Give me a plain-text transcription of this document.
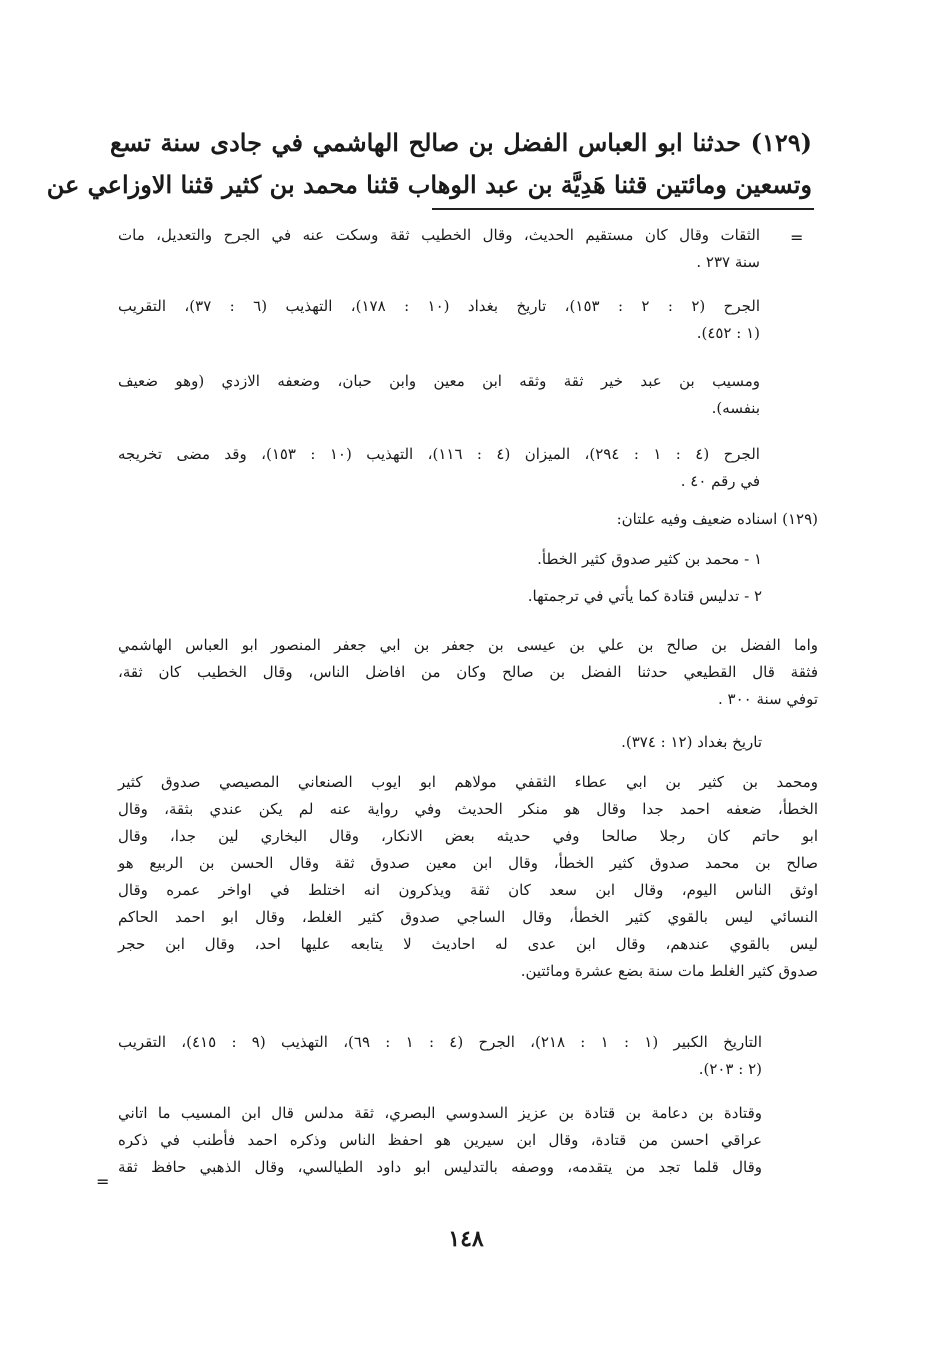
(١٢٩) حدثنا ابو العباس الفضل بن صالح الهاشمي في جادى سنة تسع
وتسعين ومائتين قثنا هَدِيَّة بن عبد الوهاب قثنا محمد بن كثير قثنا الاوزاعي عن

=

الثقات وقال كان مستقيم الحديث، وقال الخطيب ثقة وسكت عنه في الجرح والتعديل، مات
سنة ٢٣٧ .

الجرح (٢ : ٢ : ١٥٣)، تاريخ بغداد (١٠ : ١٧٨)، التهذيب (٦ : ٣٧)، التقريب
(١ : ٤٥٢).

ومسيب بن عبد خير ثقة وثقه ابن معين وابن حبان، وضعفه الازدي (وهو ضعيف
بنفسه).

الجرح (٤ : ١ : ٢٩٤)، الميزان (٤ : ١١٦)، التهذيب (١٠ : ١٥٣)، وقد مضى تخريجه
في رقم ٤٠ .

(١٢٩) اسناده ضعيف وفيه علتان:

١ - محمد بن كثير صدوق كثير الخطأ.
٢ - تدليس قتادة كما يأتي في ترجمتها.

واما الفضل بن صالح بن علي بن عيسى بن جعفر بن ابي جعفر المنصور ابو العباس الهاشمي
فثقة قال القطيعي حدثنا الفضل بن صالح وكان من افاضل الناس، وقال الخطيب كان ثقة،
توفي سنة ٣٠٠ .

تاريخ بغداد (١٢ : ٣٧٤).

ومحمد بن كثير بن ابي عطاء الثقفي مولاهم ابو ايوب الصنعاني المصيصي صدوق كثير
الخطأ، ضعفه احمد جدا وقال هو منكر الحديث وفي رواية عنه لم يكن عندي بثقة، وقال
ابو حاتم كان رجلا صالحا وفي حديثه بعض الانكار، وقال البخاري لين جدا، وقال
صالح بن محمد صدوق كثير الخطأ، وقال ابن معين صدوق ثقة وقال الحسن بن الربيع هو
اوثق الناس اليوم، وقال ابن سعد كان ثقة ويذكرون انه اختلط في اواخر عمره وقال
النسائي ليس بالقوي كثير الخطأ، وقال الساجي صدوق كثير الغلط، وقال ابو احمد الحاكم
ليس بالقوي عندهم، وقال ابن عدى له احاديث لا يتابعه عليها احد، وقال ابن حجر
صدوق كثير الغلط مات سنة بضع عشرة ومائتين.

التاريخ الكبير (١ : ١ : ٢١٨)، الجرح (٤ : ١ : ٦٩)، التهذيب (٩ : ٤١٥)، التقريب
(٢ : ٢٠٣).

وقتادة بن دعامة بن قتادة بن عزيز السدوسي البصري، ثقة مدلس قال ابن المسيب ما اتاني
عراقي احسن من قتادة، وقال ابن سيرين هو احفظ الناس وذكره احمد فأطنب في ذكره
وقال قلما تجد من يتقدمه، ووصفه بالتدليس ابو داود الطيالسي، وقال الذهبي حافظ ثقة

=
١٤٨
